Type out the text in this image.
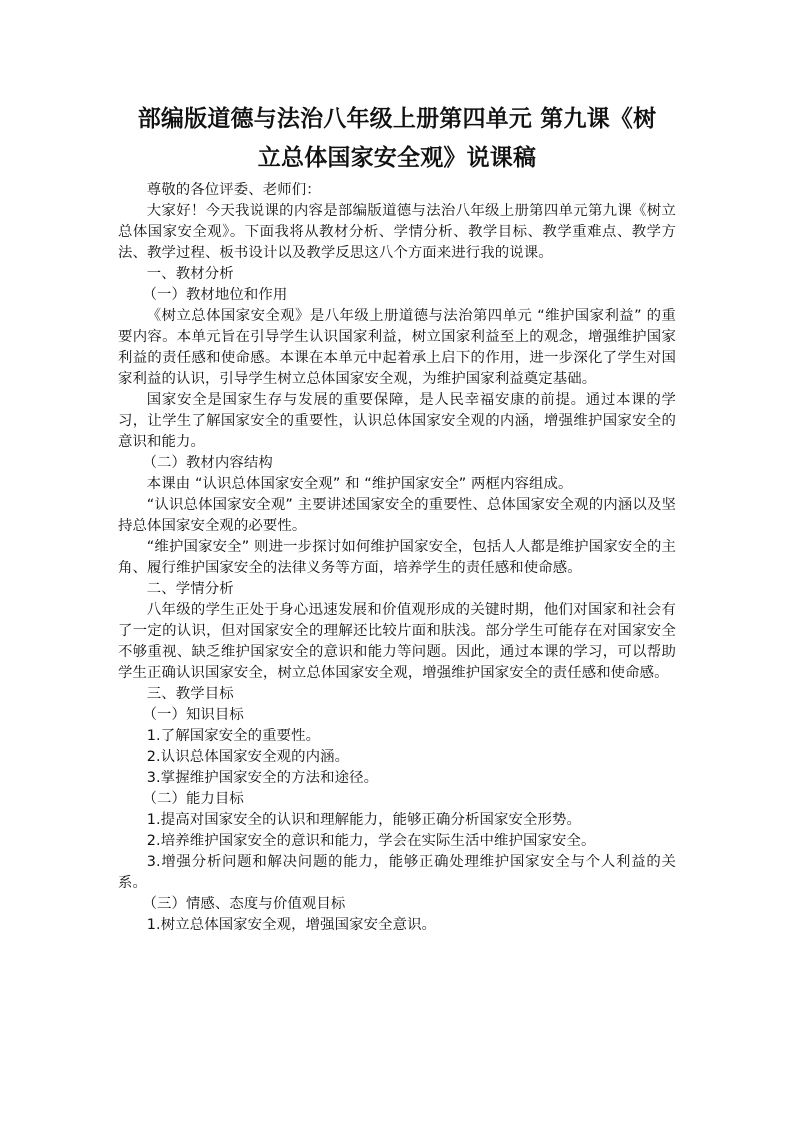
部编版道德与法治八年级上册第四单元 第九课《树
立总体国家安全观》说课稿

尊敬的各位评委、老师们：

大家好！今天我说课的内容是部编版道德与法治八年级上册第四单元第九课《树立总体国家安全观》。下面我将从教材分析、学情分析、教学目标、教学重难点、教学方法、教学过程、板书设计以及教学反思这八个方面来进行我的说课。

一、教材分析

（一）教材地位和作用

《树立总体国家安全观》是八年级上册道德与法治第四单元 “维护国家利益” 的重要内容。本单元旨在引导学生认识国家利益，树立国家利益至上的观念，增强维护国家利益的责任感和使命感。本课在本单元中起着承上启下的作用，进一步深化了学生对国家利益的认识，引导学生树立总体国家安全观，为维护国家利益奠定基础。

国家安全是国家生存与发展的重要保障，是人民幸福安康的前提。通过本课的学习，让学生了解国家安全的重要性，认识总体国家安全观的内涵，增强维护国家安全的意识和能力。

（二）教材内容结构

本课由 “认识总体国家安全观” 和 “维护国家安全” 两框内容组成。

“认识总体国家安全观” 主要讲述国家安全的重要性、总体国家安全观的内涵以及坚持总体国家安全观的必要性。

“维护国家安全” 则进一步探讨如何维护国家安全，包括人人都是维护国家安全的主角、履行维护国家安全的法律义务等方面，培养学生的责任感和使命感。

二、学情分析

八年级的学生正处于身心迅速发展和价值观形成的关键时期，他们对国家和社会有了一定的认识，但对国家安全的理解还比较片面和肤浅。部分学生可能存在对国家安全不够重视、缺乏维护国家安全的意识和能力等问题。因此，通过本课的学习，可以帮助学生正确认识国家安全，树立总体国家安全观，增强维护国家安全的责任感和使命感。

三、教学目标

（一）知识目标

1.了解国家安全的重要性。

2.认识总体国家安全观的内涵。

3.掌握维护国家安全的方法和途径。

（二）能力目标

1.提高对国家安全的认识和理解能力，能够正确分析国家安全形势。

2.培养维护国家安全的意识和能力，学会在实际生活中维护国家安全。

3.增强分析问题和解决问题的能力，能够正确处理维护国家安全与个人利益的关系。

（三）情感、态度与价值观目标

1.树立总体国家安全观，增强国家安全意识。
